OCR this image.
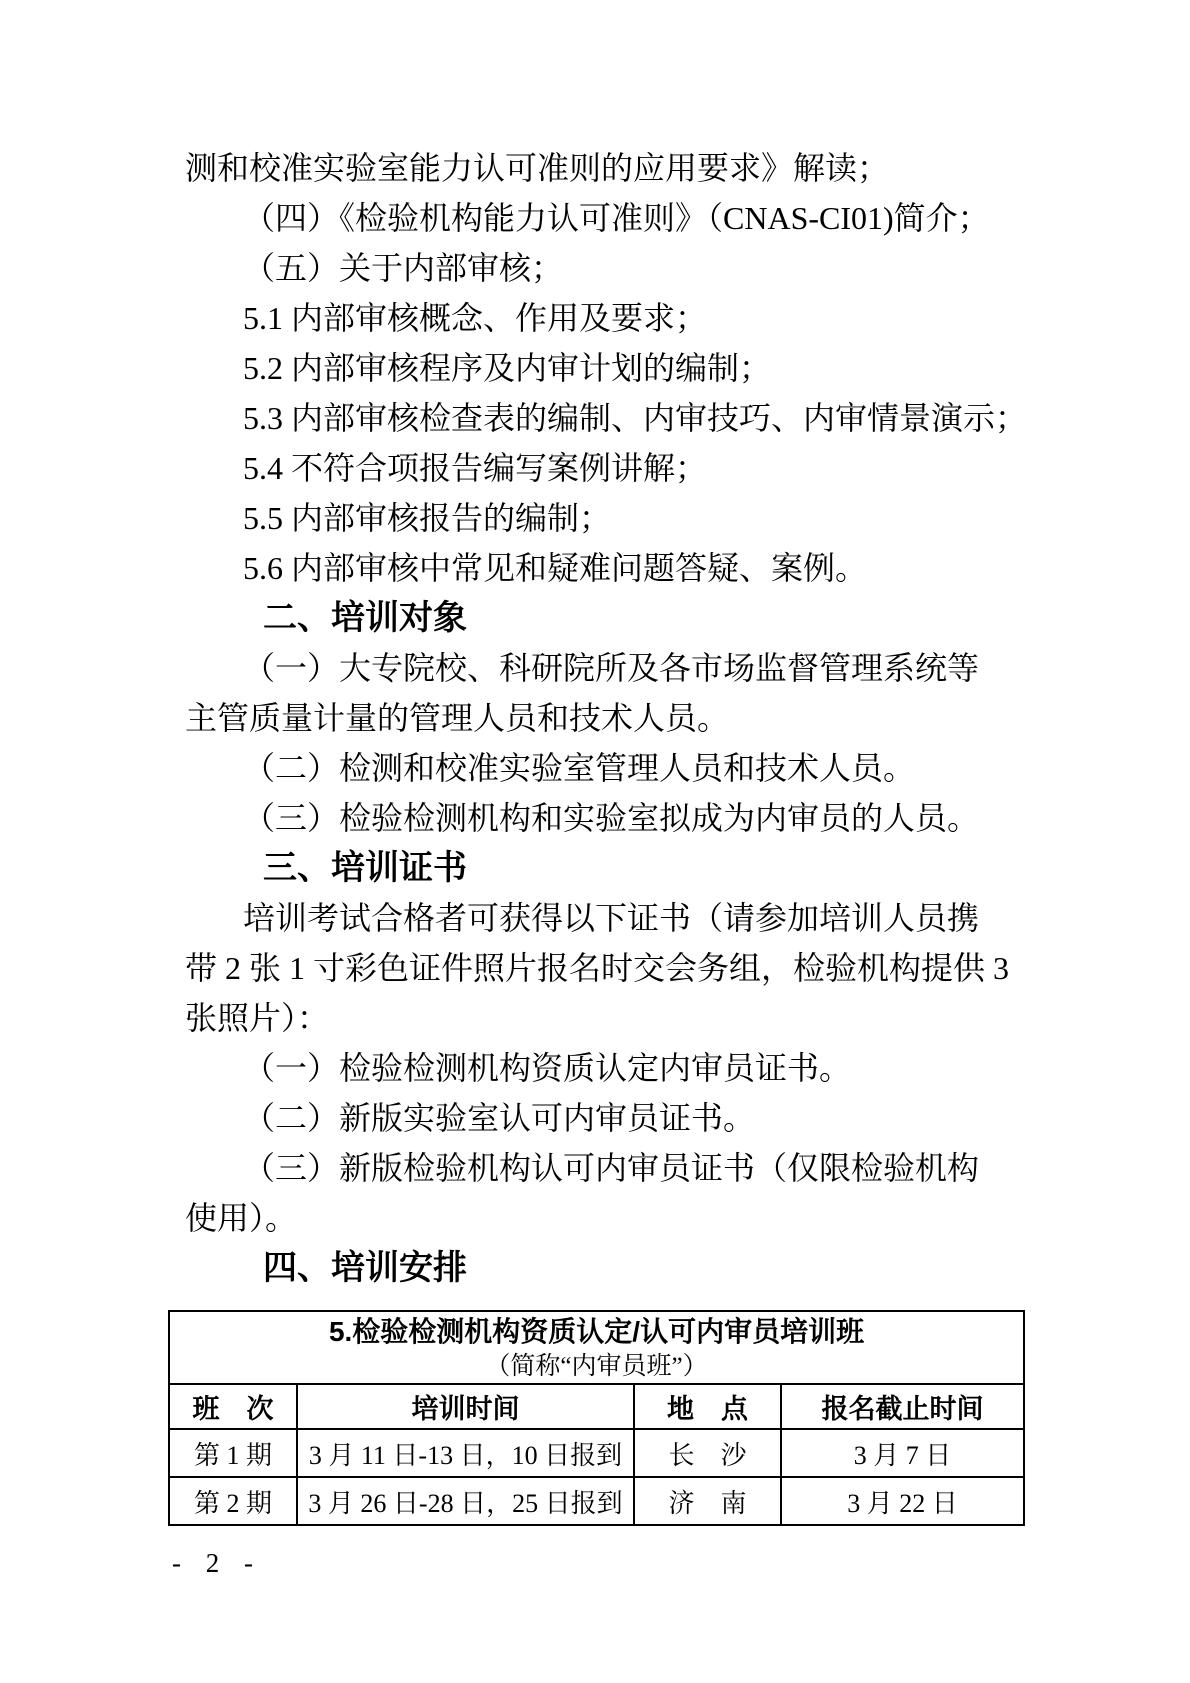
测和校准实验室能力认可准则的应用要求》解读；
（四）《检验机构能力认可准则》（CNAS-CI01)简介；
（五）关于内部审核；
5.1 内部审核概念、作用及要求；
5.2 内部审核程序及内审计划的编制；
5.3 内部审核检查表的编制、内审技巧、内审情景演示；
5.4 不符合项报告编写案例讲解；
5.5 内部审核报告的编制；
5.6 内部审核中常见和疑难问题答疑、案例。
二、培训对象
（一）大专院校、科研院所及各市场监督管理系统等
主管质量计量的管理人员和技术人员。
（二）检测和校准实验室管理人员和技术人员。
（三）检验检测机构和实验室拟成为内审员的人员。
三、培训证书
培训考试合格者可获得以下证书（请参加培训人员携
带 2 张 1 寸彩色证件照片报名时交会务组，检验机构提供 3
张照片）：
（一）检验检测机构资质认定内审员证书。
（二）新版实验室认可内审员证书。
（三）新版检验机构认可内审员证书（仅限检验机构
使用）。
四、培训安排
5.检验检测机构资质认定/认可内审员培训班
（简称“内审员班”）			

班　次	培训时间	地　点	报名截止时间
第 1 期	3 月 11 日-13 日，10 日报到	长　沙	3 月 7 日
第 2 期	3 月 26 日-28 日，25 日报到	济　南	3 月 22 日
- 2 -
